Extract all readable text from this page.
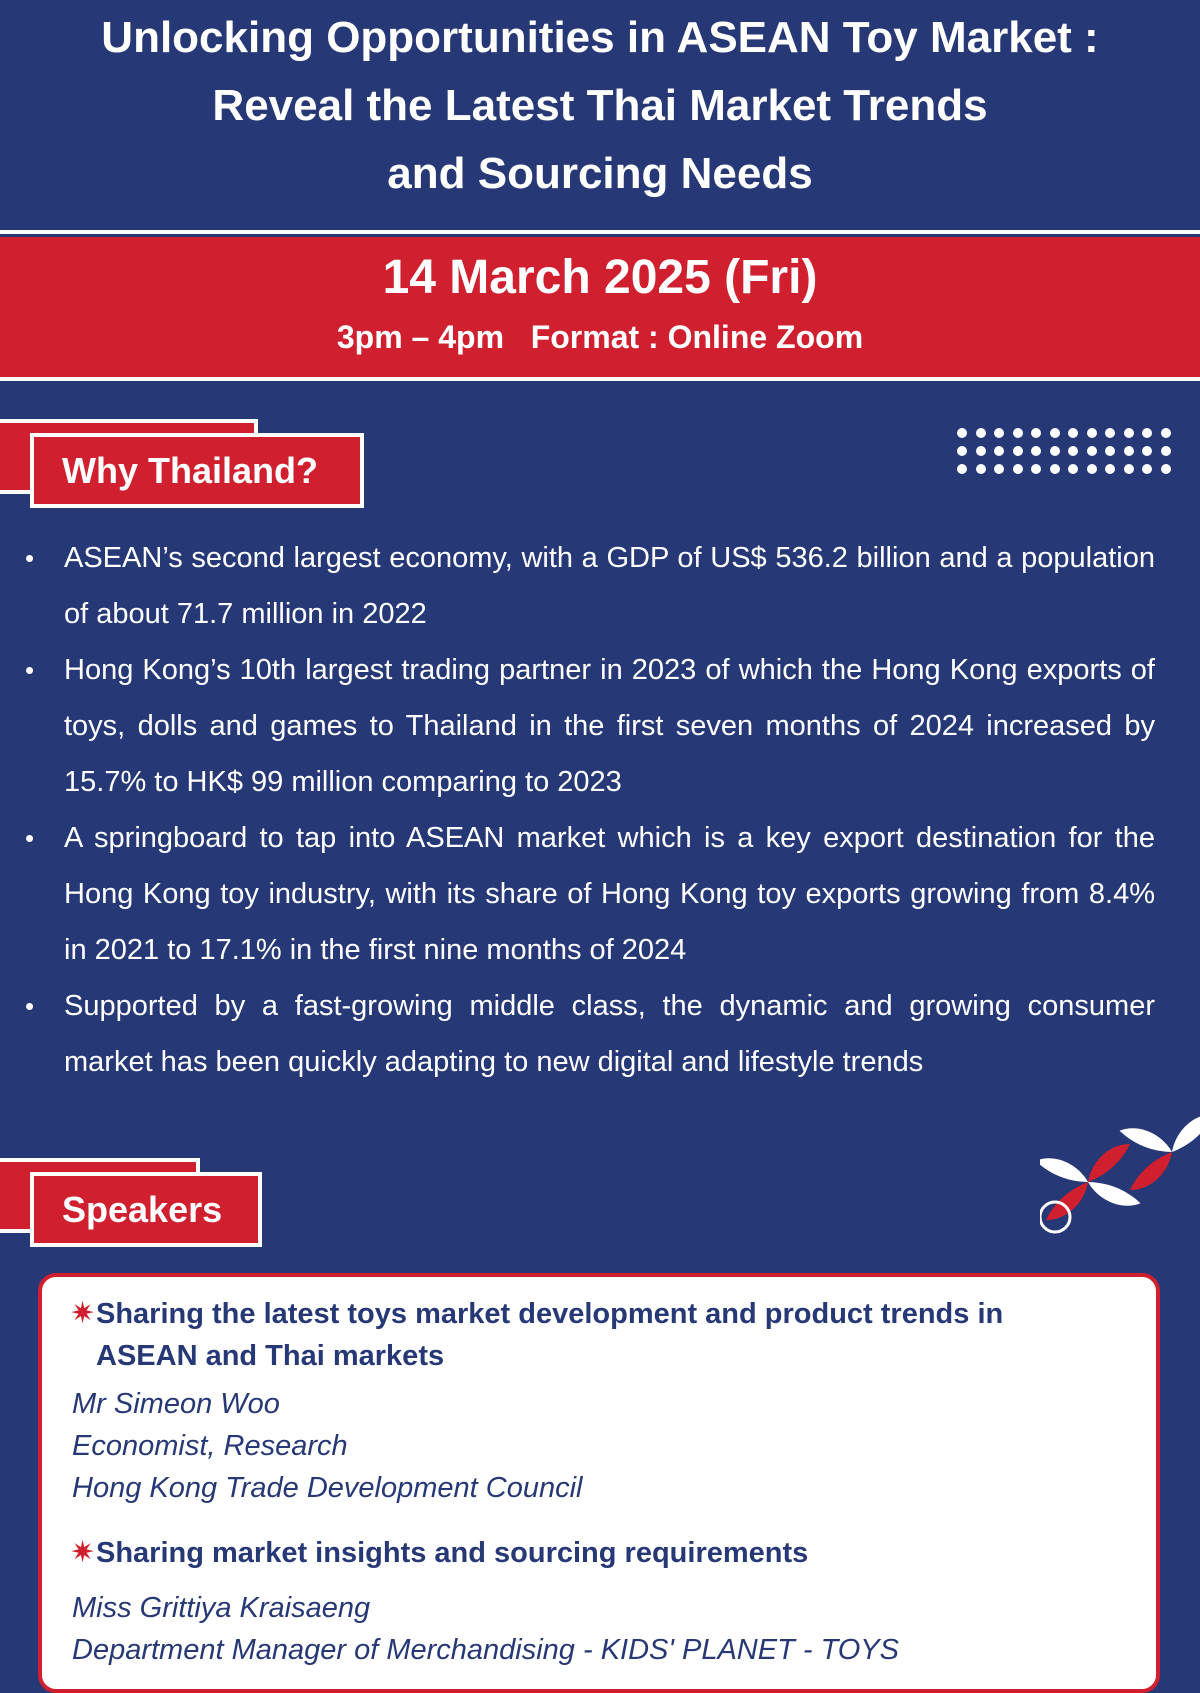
Unlocking Opportunities in ASEAN Toy Market :
Reveal the Latest Thai Market Trends
and Sourcing Needs
14 March 2025 (Fri)
3pm – 4pm   Format : Online Zoom
Why Thailand?
• ASEAN’s second largest economy, with a GDP of US$ 536.2 billion and a population of about 71.7 million in 2022
• Hong Kong’s 10th largest trading partner in 2023 of which the Hong Kong exports of toys, dolls and games to Thailand in the first seven months of 2024 increased by 15.7% to HK$ 99 million comparing to 2023
• A springboard to tap into ASEAN market which is a key export destination for the Hong Kong toy industry, with its share of Hong Kong toy exports growing from 8.4% in 2021 to 17.1% in the first nine months of 2024
• Supported by a fast-growing middle class, the dynamic and growing consumer market has been quickly adapting to new digital and lifestyle trends
Speakers
✷ Sharing the latest toys market development and product trends in ASEAN and Thai markets
Mr Simeon Woo
Economist, Research
Hong Kong Trade Development Council
✷ Sharing market insights and sourcing requirements
Miss Grittiya Kraisaeng
Department Manager of Merchandising - KIDS' PLANET - TOYS
